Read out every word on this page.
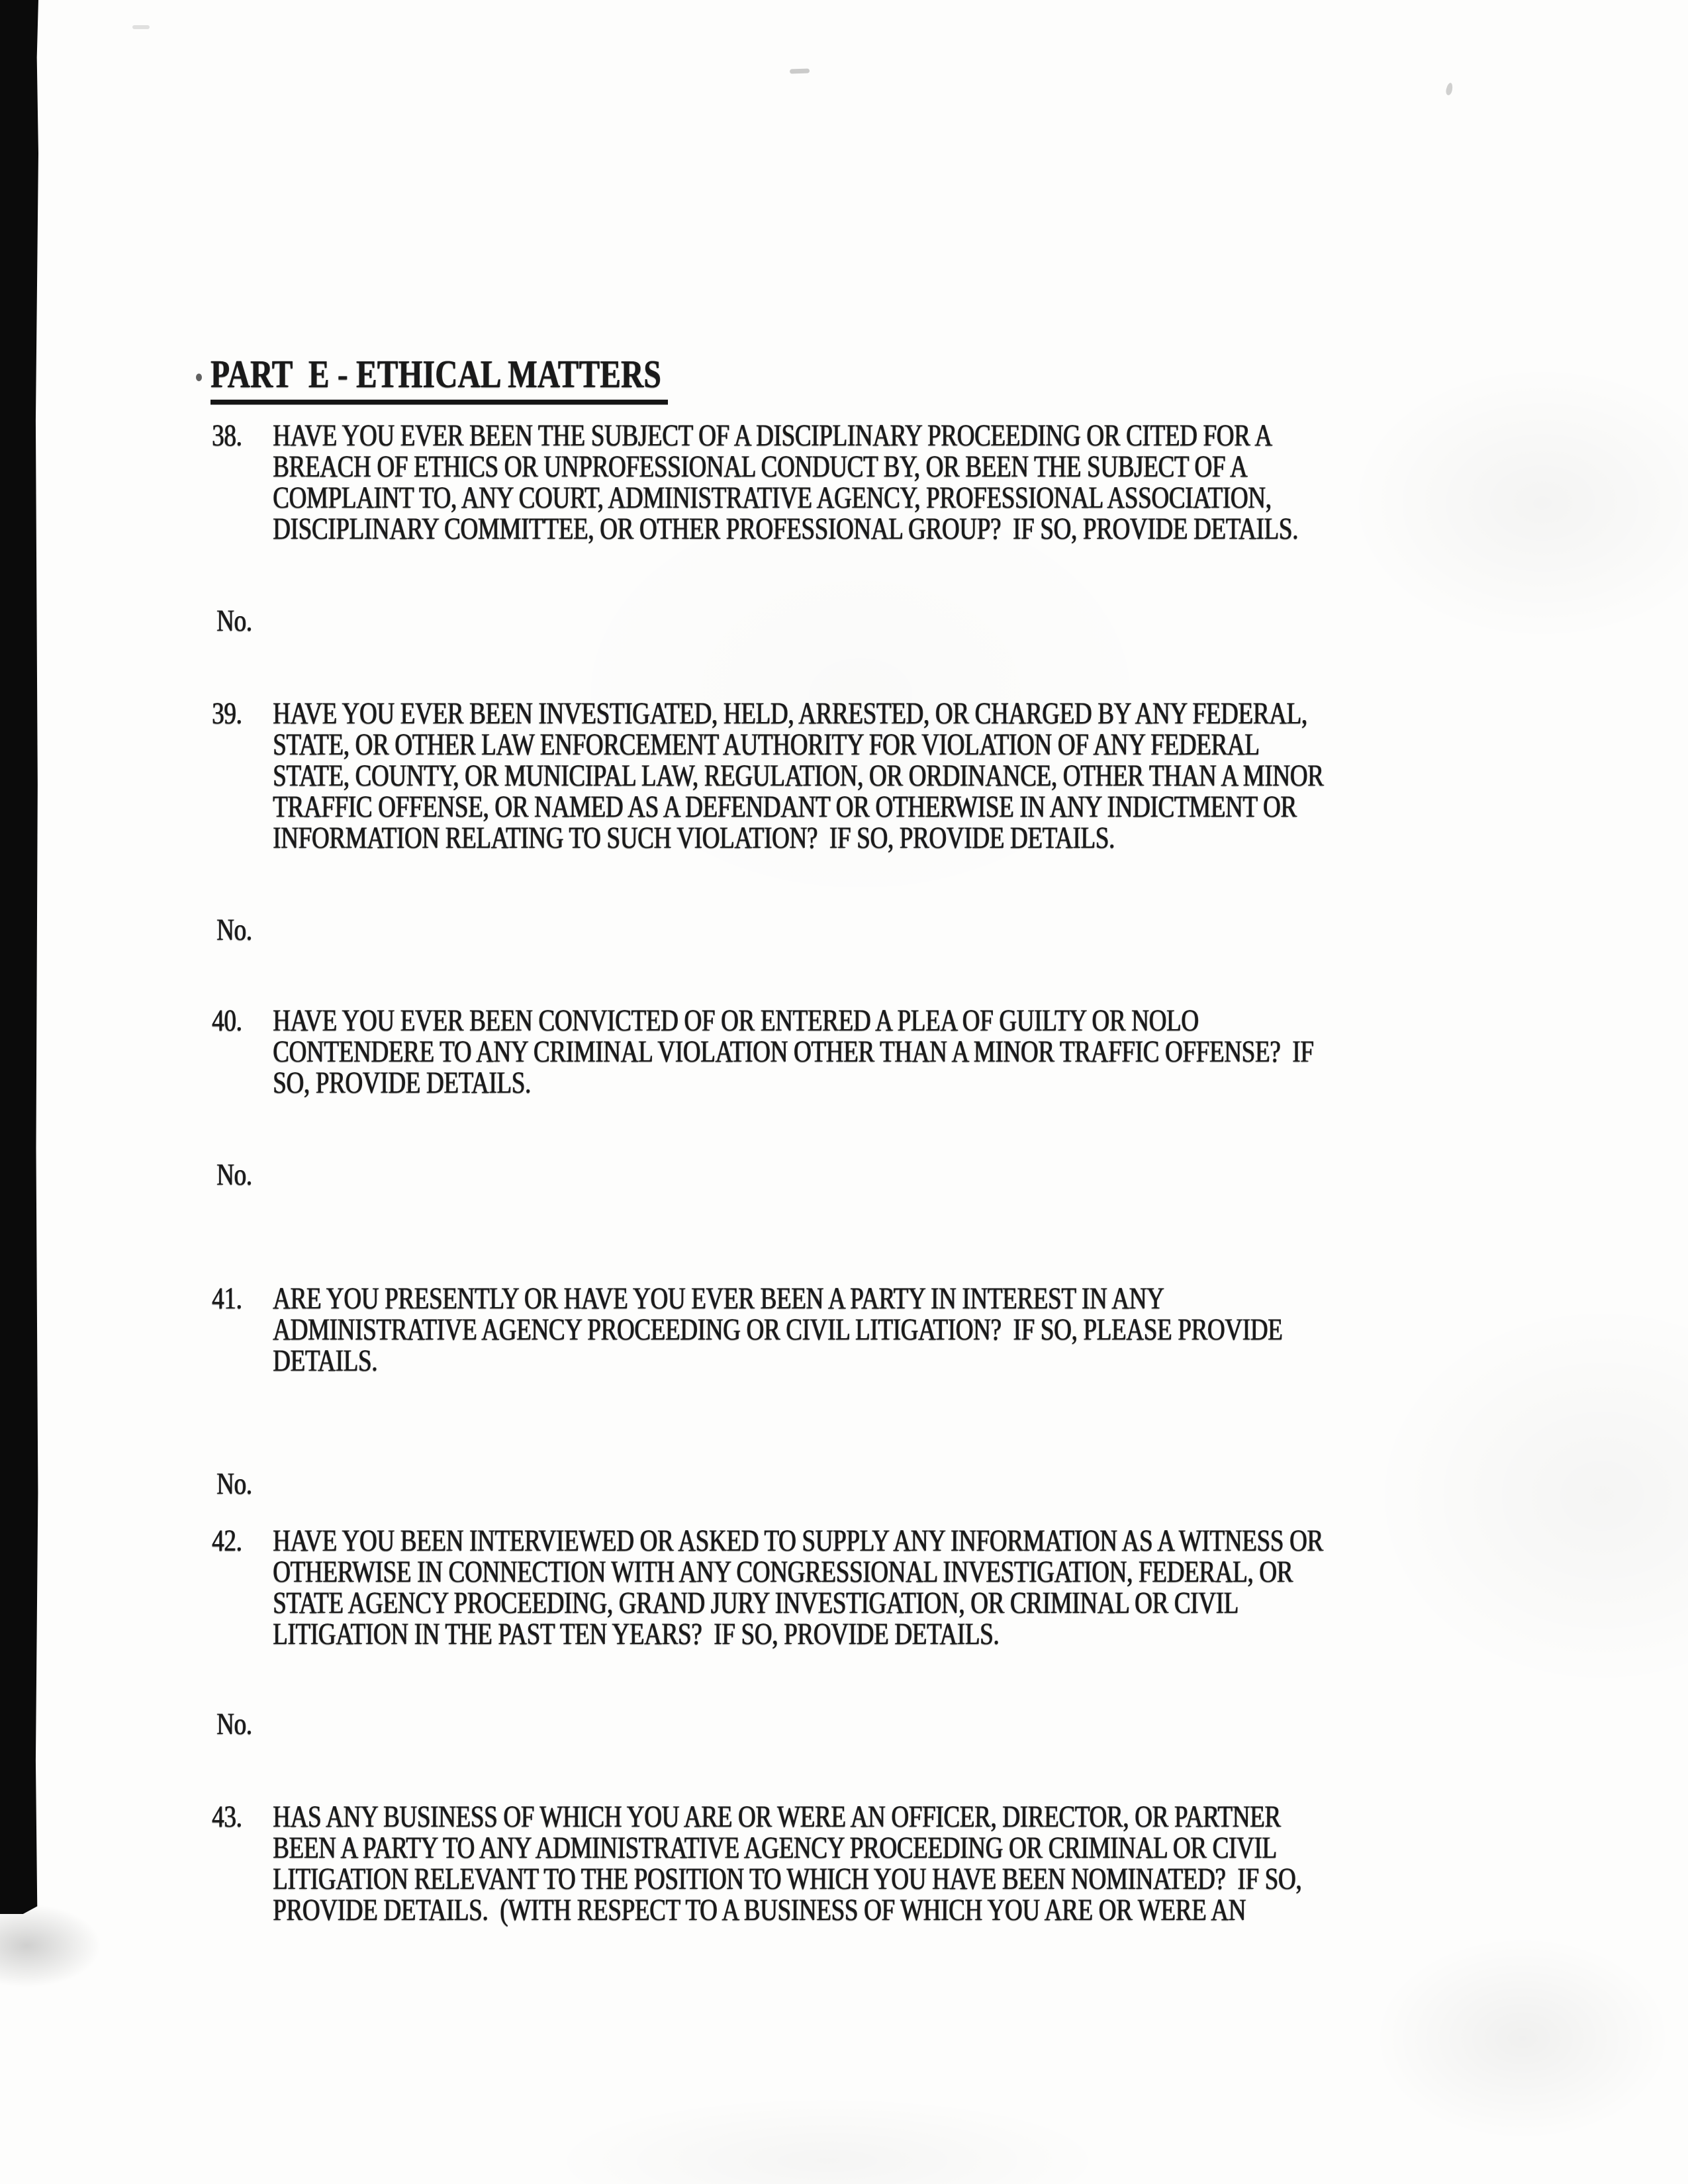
PART  E - ETHICAL MATTERS
38. HAVE YOU EVER BEEN THE SUBJECT OF A DISCIPLINARY PROCEEDING OR CITED FOR A
BREACH OF ETHICS OR UNPROFESSIONAL CONDUCT BY, OR BEEN THE SUBJECT OF A
COMPLAINT TO, ANY COURT, ADMINISTRATIVE AGENCY, PROFESSIONAL ASSOCIATION,
DISCIPLINARY COMMITTEE, OR OTHER PROFESSIONAL GROUP?  IF SO, PROVIDE DETAILS.
No.
39. HAVE YOU EVER BEEN INVESTIGATED, HELD, ARRESTED, OR CHARGED BY ANY FEDERAL,
STATE, OR OTHER LAW ENFORCEMENT AUTHORITY FOR VIOLATION OF ANY FEDERAL
STATE, COUNTY, OR MUNICIPAL LAW, REGULATION, OR ORDINANCE, OTHER THAN A MINOR
TRAFFIC OFFENSE, OR NAMED AS A DEFENDANT OR OTHERWISE IN ANY INDICTMENT OR
INFORMATION RELATING TO SUCH VIOLATION?  IF SO, PROVIDE DETAILS.
No.
40. HAVE YOU EVER BEEN CONVICTED OF OR ENTERED A PLEA OF GUILTY OR NOLO
CONTENDERE TO ANY CRIMINAL VIOLATION OTHER THAN A MINOR TRAFFIC OFFENSE?  IF
SO, PROVIDE DETAILS.
No.
41. ARE YOU PRESENTLY OR HAVE YOU EVER BEEN A PARTY IN INTEREST IN ANY
ADMINISTRATIVE AGENCY PROCEEDING OR CIVIL LITIGATION?  IF SO, PLEASE PROVIDE
DETAILS.
No.
42. HAVE YOU BEEN INTERVIEWED OR ASKED TO SUPPLY ANY INFORMATION AS A WITNESS OR
OTHERWISE IN CONNECTION WITH ANY CONGRESSIONAL INVESTIGATION, FEDERAL, OR
STATE AGENCY PROCEEDING, GRAND JURY INVESTIGATION, OR CRIMINAL OR CIVIL
LITIGATION IN THE PAST TEN YEARS?  IF SO, PROVIDE DETAILS.
No.
43. HAS ANY BUSINESS OF WHICH YOU ARE OR WERE AN OFFICER, DIRECTOR, OR PARTNER
BEEN A PARTY TO ANY ADMINISTRATIVE AGENCY PROCEEDING OR CRIMINAL OR CIVIL
LITIGATION RELEVANT TO THE POSITION TO WHICH YOU HAVE BEEN NOMINATED?  IF SO,
PROVIDE DETAILS.  (WITH RESPECT TO A BUSINESS OF WHICH YOU ARE OR WERE AN
